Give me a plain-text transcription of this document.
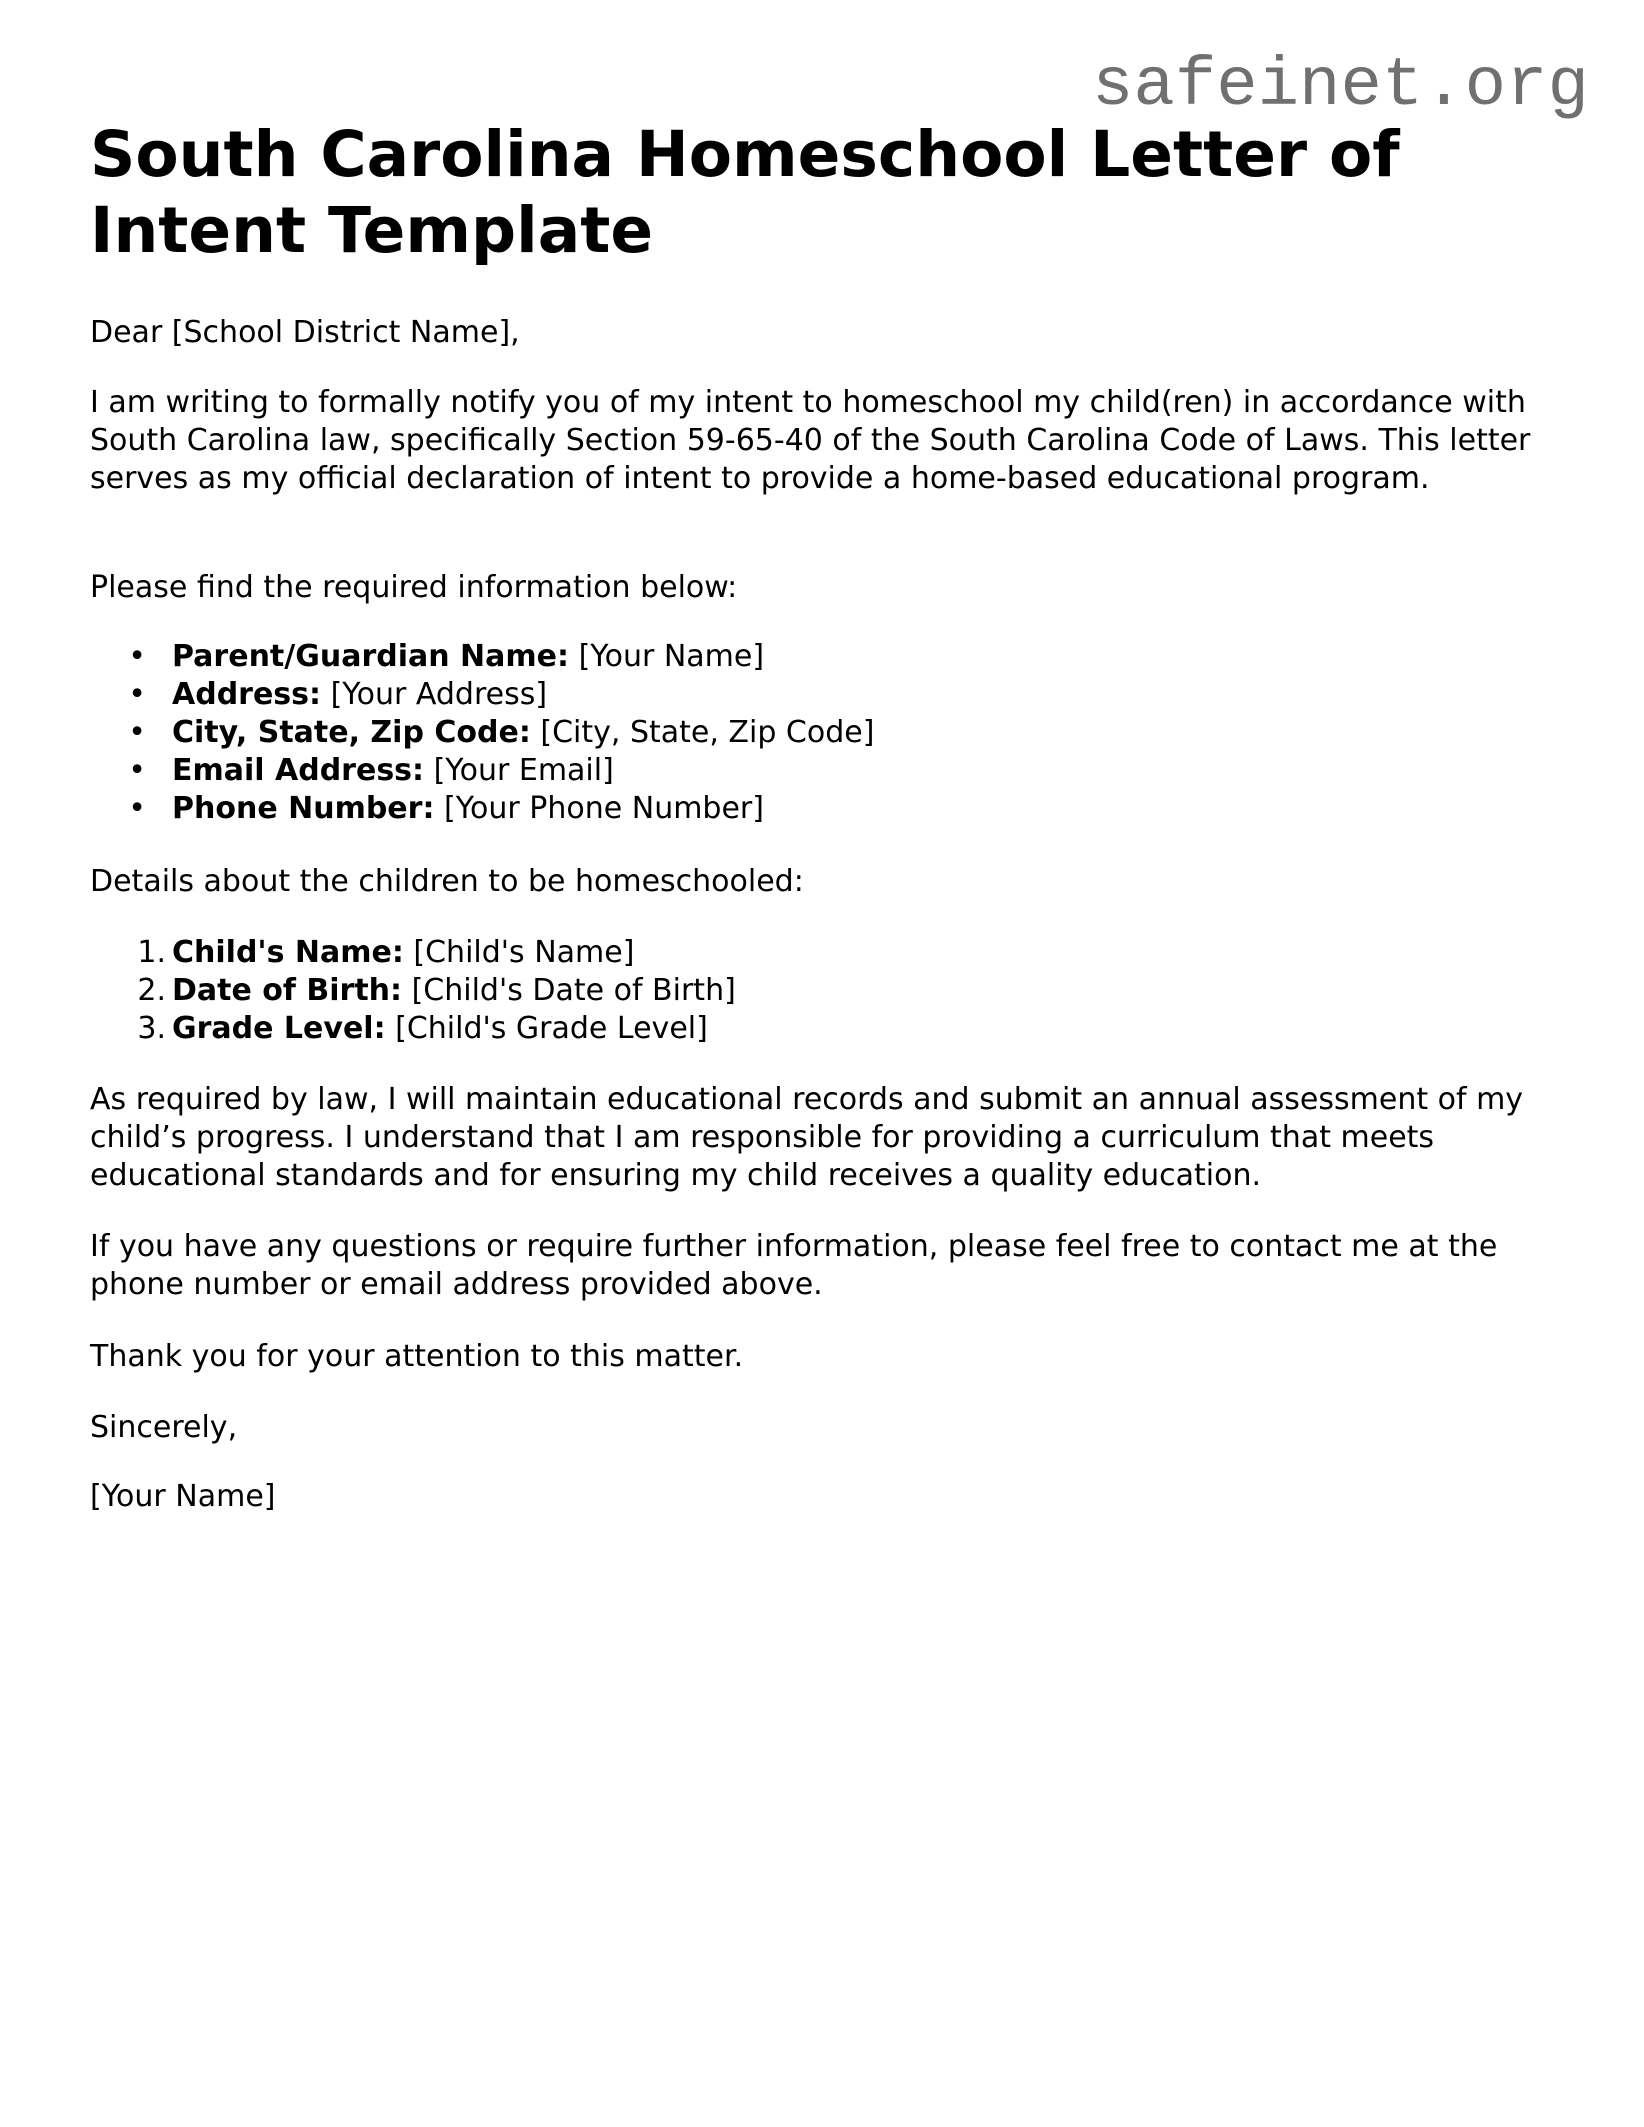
safeinet.org
South Carolina Homeschool Letter of Intent Template

Dear [School District Name],

I am writing to formally notify you of my intent to homeschool my child(ren) in accordance with South Carolina law, specifically Section 59-65-40 of the South Carolina Code of Laws. This letter serves as my official declaration of intent to provide a home-based educational program.

Please find the required information below:

• Parent/Guardian Name: [Your Name]
• Address: [Your Address]
• City, State, Zip Code: [City, State, Zip Code]
• Email Address: [Your Email]
• Phone Number: [Your Phone Number]

Details about the children to be homeschooled:

1. Child's Name: [Child's Name]
2. Date of Birth: [Child's Date of Birth]
3. Grade Level: [Child's Grade Level]

As required by law, I will maintain educational records and submit an annual assessment of my child’s progress. I understand that I am responsible for providing a curriculum that meets educational standards and for ensuring my child receives a quality education.

If you have any questions or require further information, please feel free to contact me at the phone number or email address provided above.

Thank you for your attention to this matter.

Sincerely,

[Your Name]
